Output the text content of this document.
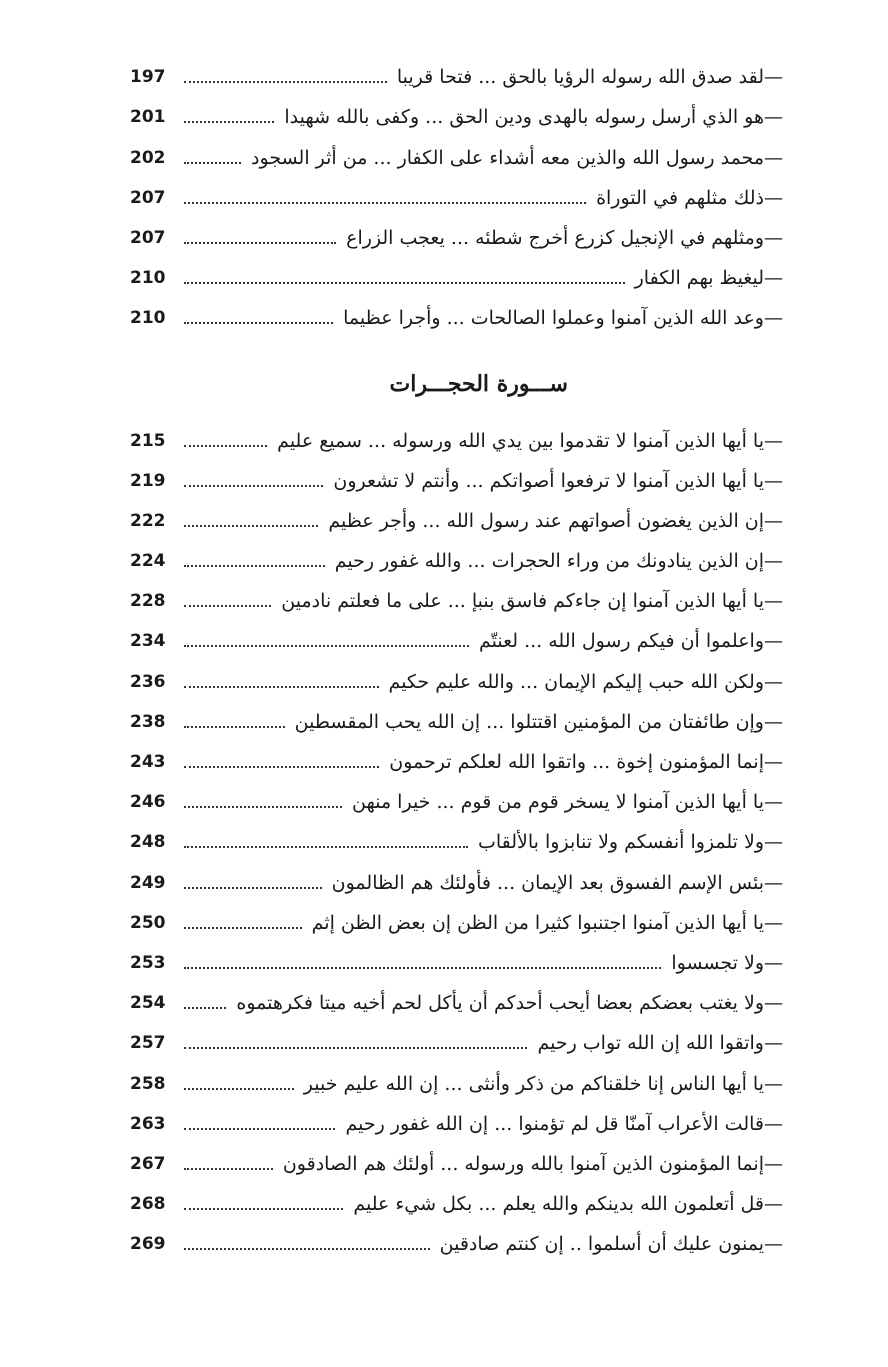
—
لقد صدق الله رسوله الرؤيا بالحق ... فتحا قريبا
197
—
هو الذي أرسل رسوله بالهدى ودين الحق ... وكفى بالله شهيدا
201
—
محمد رسول الله والذين معه أشداء على الكفار ... من أثر السجود
202
—
ذلك مثلهم في التوراة
207
—
ومثلهم في الإنجيل كزرع أخرج شطئه ... يعجب الزراع
207
—
ليغيظ بهم الكفار
210
—
وعد الله الذين آمنوا وعملوا الصالحات ... وأجرا عظيما
210
ســـورة الحجـــرات
—
يا أيها الذين آمنوا لا تقدموا بين يدي الله ورسوله ... سميع عليم
215
—
يا أيها الذين آمنوا لا ترفعوا أصواتكم ... وأنتم لا تشعرون
219
—
إن الذين يغضون أصواتهم عند رسول الله ... وأجر عظيم
222
—
إن الذين ينادونك من وراء الحجرات ... والله غفور رحيم
224
—
يا أيها الذين آمنوا إن جاءكم فاسق بنبإ ... على ما فعلتم نادمين
228
—
واعلموا أن فيكم رسول الله ... لعنتّم
234
—
ولكن الله حبب إليكم الإيمان ... والله عليم حكيم
236
—
وإن طائفتان من المؤمنين اقتتلوا ... إن الله يحب المقسطين
238
—
إنما المؤمنون إخوة ... واتقوا الله لعلكم ترحمون
243
—
يا أيها الذين آمنوا لا يسخر قوم من قوم ... خيرا منهن
246
—
ولا تلمزوا أنفسكم ولا تنابزوا بالألقاب
248
—
بئس الإسم الفسوق بعد الإيمان ... فأولئك هم الظالمون
249
—
يا أيها الذين آمنوا اجتنبوا كثيرا من الظن إن بعض الظن إثم
250
—
ولا تجسسوا
253
—
ولا يغتب بعضكم بعضا أيحب أحدكم أن يأكل لحم أخيه ميتا فكرهتموه
254
—
واتقوا الله إن الله تواب رحيم
257
—
يا أيها الناس إنا خلقناكم من ذكر وأنثى ... إن الله عليم خبير
258
—
قالت الأعراب آمنّا قل لم تؤمنوا ... إن الله غفور رحيم
263
—
إنما المؤمنون الذين آمنوا بالله ورسوله ... أولئك هم الصادقون
267
—
قل أتعلمون الله بدينكم والله يعلم ... بكل شيء عليم
268
—
يمنون عليك أن أسلموا .. إن كنتم صادقين
269
